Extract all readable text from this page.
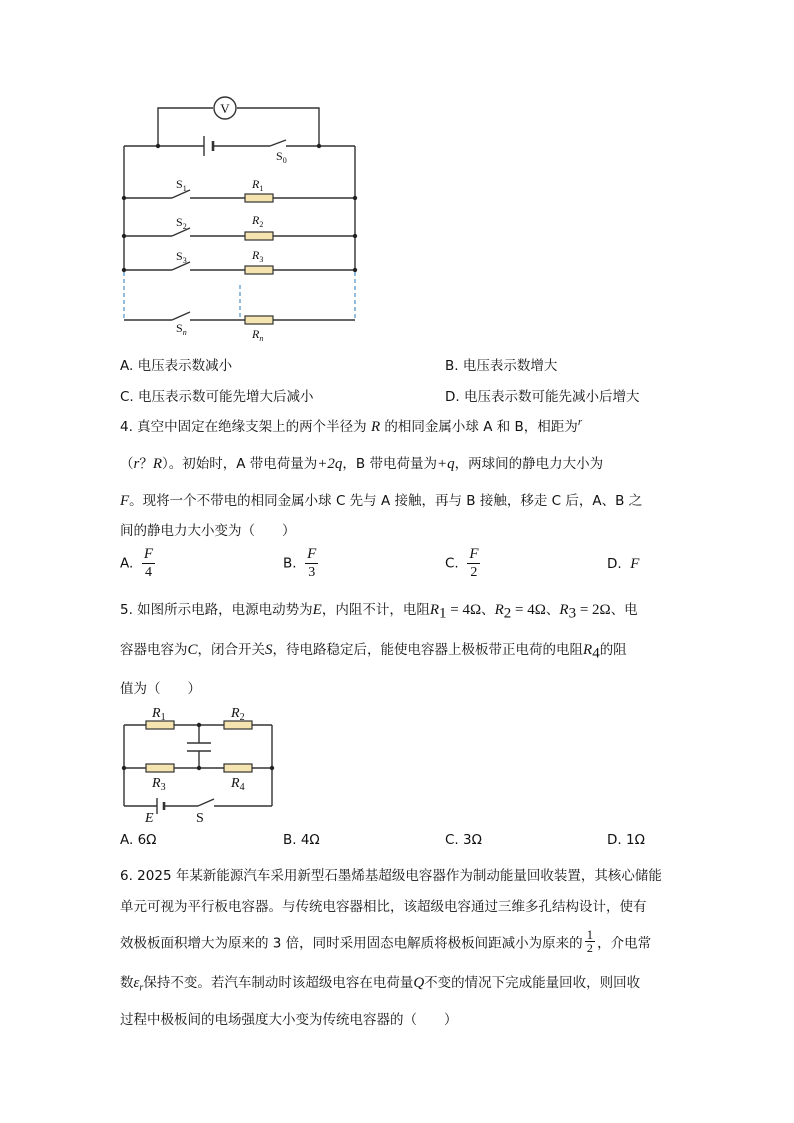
V
$S_0$
$S_1$	$R_1$
$S_2$	$R_2$
$S_3$	$R_3$
$S_n$	$R_n$
A. 电压表示数减小	B. 电压表示数增大
C. 电压表示数可能先增大后减小	D. 电压表示数可能先减小后增大
4. 真空中固定在绝缘支架上的两个半径为 R 的相同金属小球 A 和 B，相距为$^r$
（r？R）。初始时，A 带电荷量为+2q，B 带电荷量为+q，两球间的静电力大小为
F。现将一个不带电的相同金属小球 C 先与 A 接触，再与 B 接触，移走 C 后，A、B 之
间的静电力大小变为（　　）
A. $\frac{F}{4}$	B. $\frac{F}{3}$	C. $\frac{F}{2}$	D. F
5. 如图所示电路，电源电动势为E，内阻不计，电阻$R_1 = 4\Omega$、$R_2 = 4\Omega$、$R_3 = 2\Omega$、电
容器电容为C，闭合开关S，待电路稳定后，能使电容器上极板带正电荷的电阻$R_4$的阻
值为（　　）
$R_1$	$R_2$
$R_3$	$R_4$
E	S
A. 6Ω	B. 4Ω	C. 3Ω	D. 1Ω
6. 2025 年某新能源汽车采用新型石墨烯基超级电容器作为制动能量回收装置，其核心储能
单元可视为平行板电容器。与传统电容器相比，该超级电容通过三维多孔结构设计，使有
效极板面积增大为原来的 3 倍，同时采用固态电解质将极板间距减小为原来的 $\frac{1}{2}$ ，介电常
数$\varepsilon_r$保持不变。若汽车制动时该超级电容在电荷量Q不变的情况下完成能量回收，则回收
过程中极板间的电场强度大小变为传统电容器的（　　）
